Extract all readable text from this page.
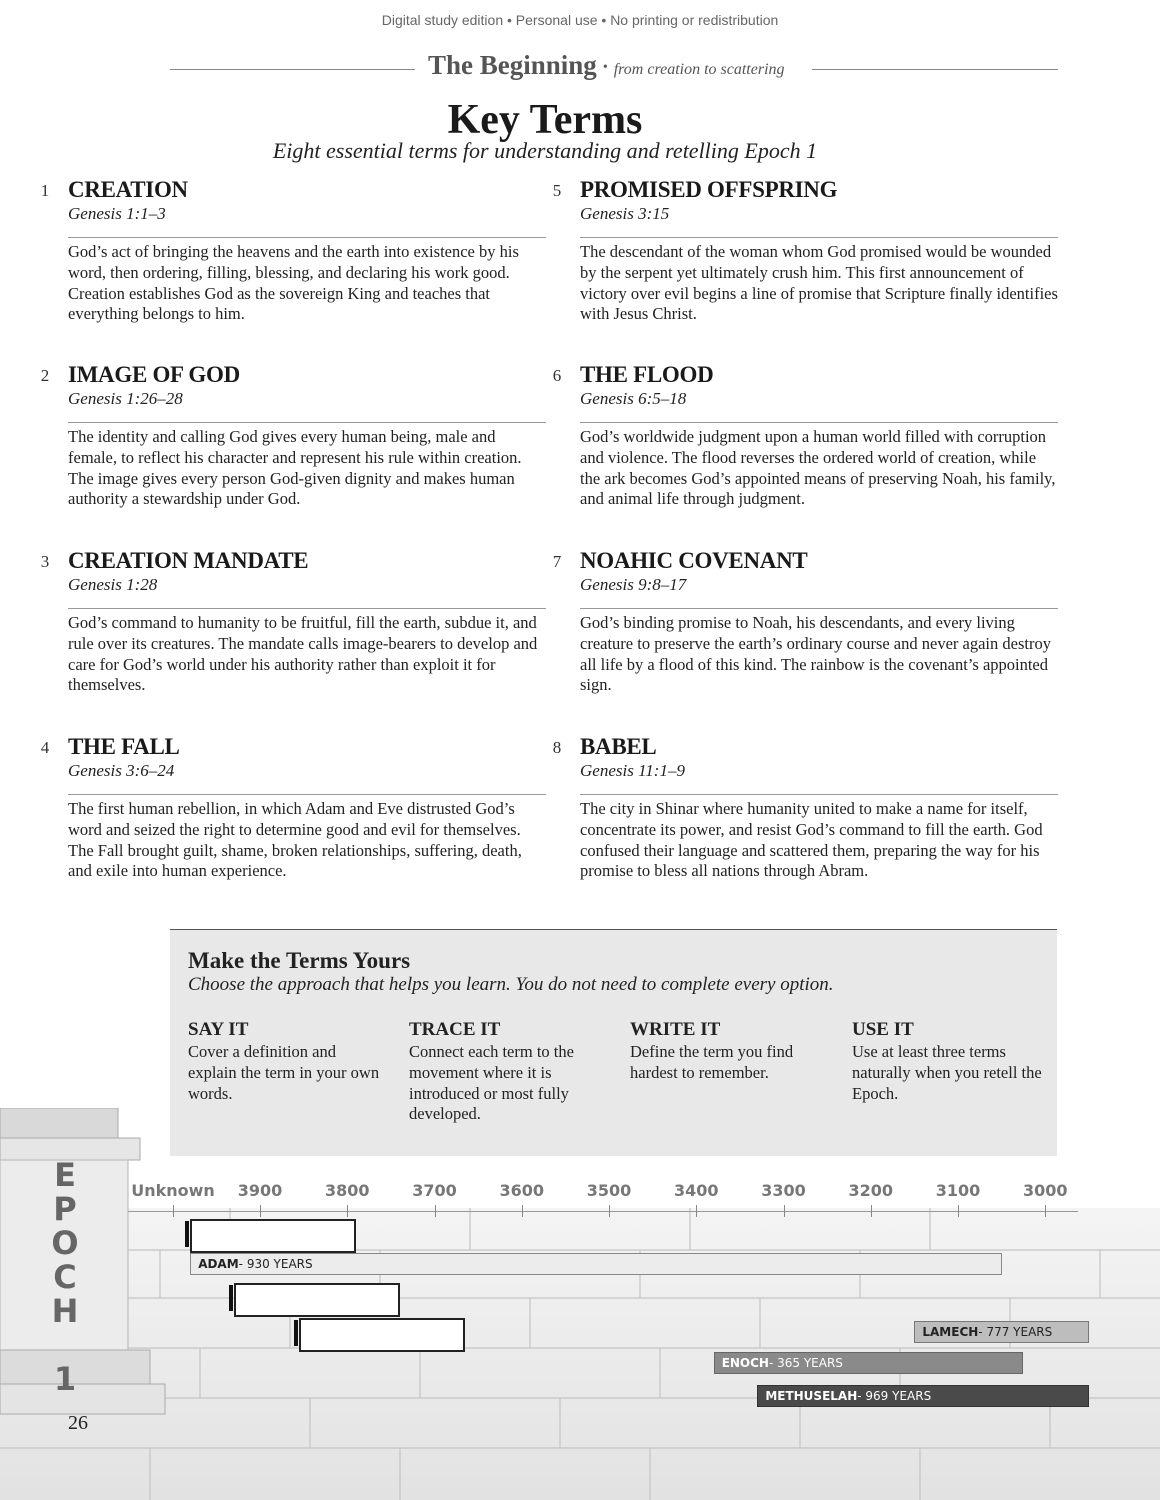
Digital study edition • Personal use • No printing or redistribution
The Beginning • from creation to scattering
Key Terms
Eight essential terms for understanding and retelling Epoch 1
1 CREATION
Genesis 1:1–3
God’s act of bringing the heavens and the earth into existence by his word, then ordering, filling, blessing, and declaring his work good. Creation establishes God as the sovereign King and teaches that everything belongs to him.
2 IMAGE OF GOD
Genesis 1:26–28
The identity and calling God gives every human being, male and female, to reflect his character and represent his rule within creation. The image gives every person God-given dignity and makes human authority a stewardship under God.
3 CREATION MANDATE
Genesis 1:28
God’s command to humanity to be fruitful, fill the earth, subdue it, and rule over its creatures. The mandate calls image-bearers to develop and care for God’s world under his authority rather than exploit it for themselves.
4 THE FALL
Genesis 3:6–24
The first human rebellion, in which Adam and Eve distrusted God’s word and seized the right to determine good and evil for themselves. The Fall brought guilt, shame, broken relationships, suffering, death, and exile into human experience.
5 PROMISED OFFSPRING
Genesis 3:15
The descendant of the woman whom God promised would be wounded by the serpent yet ultimately crush him. This first announcement of victory over evil begins a line of promise that Scripture finally identifies with Jesus Christ.
6 THE FLOOD
Genesis 6:5–18
God’s worldwide judgment upon a human world filled with corruption and violence. The flood reverses the ordered world of creation, while the ark becomes God’s appointed means of preserving Noah, his family, and animal life through judgment.
7 NOAHIC COVENANT
Genesis 9:8–17
God’s binding promise to Noah, his descendants, and every living creature to preserve the earth’s ordinary course and never again destroy all life by a flood of this kind. The rainbow is the covenant’s appointed sign.
8 BABEL
Genesis 11:1–9
The city in Shinar where humanity united to make a name for itself, concentrate its power, and resist God’s command to fill the earth. God confused their language and scattered them, preparing the way for his promise to bless all nations through Abram.
Make the Terms Yours
Choose the approach that helps you learn. You do not need to complete every option.
SAY IT
Cover a definition and explain the term in your own words.
TRACE IT
Connect each term to the movement where it is introduced or most fully developed.
WRITE IT
Define the term you find hardest to remember.
USE IT
Use at least three terms naturally when you retell the Epoch.
E
P
O
C
H
1
26
Unknown 3900	3800	3700	3600	3500	3400	3300	3200	3100	3000
ADAM - 930 YEARS
LAMECH - 777 YEARS
ENOCH - 365 YEARS
METHUSELAH - 969 YEARS
